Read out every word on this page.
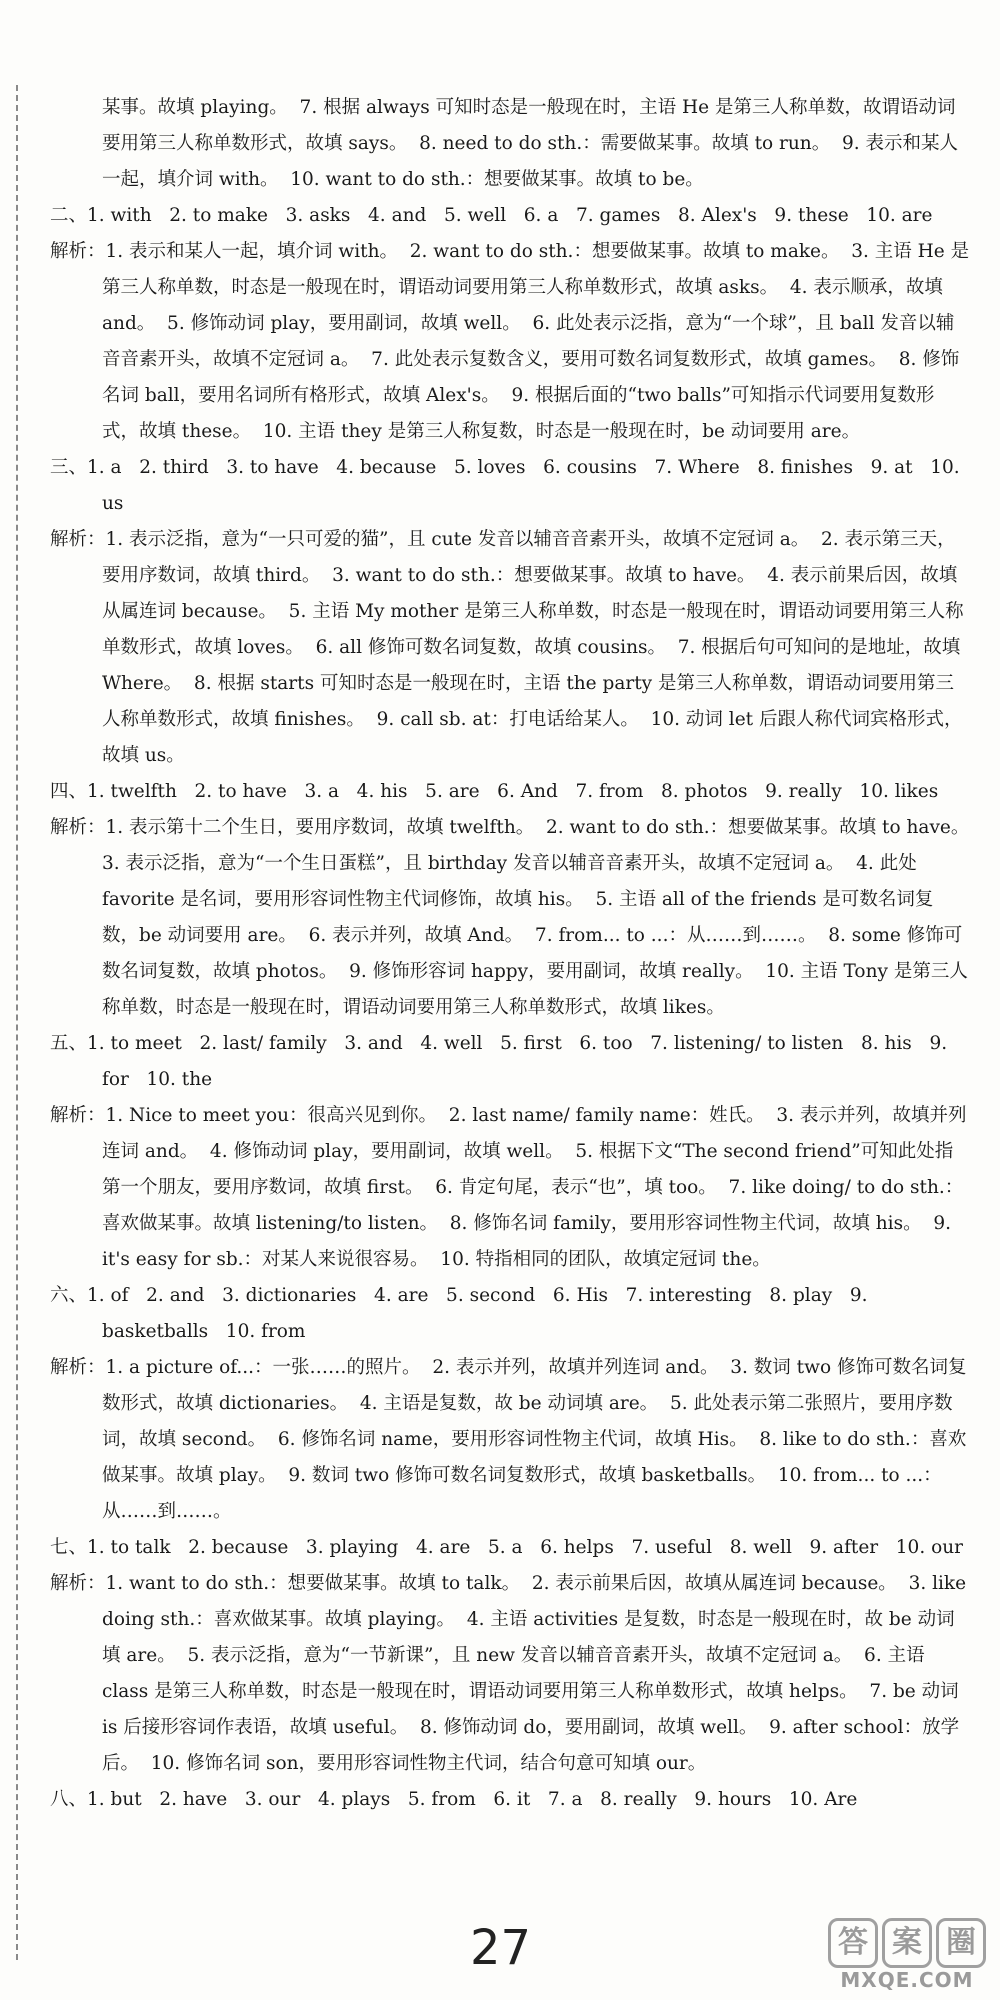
某事。故填 playing。  7. 根据 always 可知时态是一般现在时，主语 He 是第三人称单数，故谓语动词要用第三人称单数形式，故填 says。  8. need to do sth.：需要做某事。故填 to run。  9. 表示和某人一起，填介词 with。  10. want to do sth.：想要做某事。故填 to be。

二、1. with   2. to make   3. asks   4. and   5. well   6. a   7. games   8. Alex's   9. these   10. are

解析：1. 表示和某人一起，填介词 with。  2. want to do sth.：想要做某事。故填 to make。  3. 主语 He 是第三人称单数，时态是一般现在时，谓语动词要用第三人称单数形式，故填 asks。  4. 表示顺承，故填 and。  5. 修饰动词 play，要用副词，故填 well。  6. 此处表示泛指，意为“一个球”，且 ball 发音以辅音音素开头，故填不定冠词 a。  7. 此处表示复数含义，要用可数名词复数形式，故填 games。  8. 修饰名词 ball，要用名词所有格形式，故填 Alex's。  9. 根据后面的“two balls”可知指示代词要用复数形式，故填 these。  10. 主语 they 是第三人称复数，时态是一般现在时，be 动词要用 are。

三、1. a   2. third   3. to have   4. because   5. loves   6. cousins   7. Where   8. finishes   9. at   10. us

解析：1. 表示泛指，意为“一只可爱的猫”，且 cute 发音以辅音音素开头，故填不定冠词 a。  2. 表示第三天，要用序数词，故填 third。  3. want to do sth.：想要做某事。故填 to have。  4. 表示前果后因，故填从属连词 because。  5. 主语 My mother 是第三人称单数，时态是一般现在时，谓语动词要用第三人称单数形式，故填 loves。  6. all 修饰可数名词复数，故填 cousins。  7. 根据后句可知问的是地址，故填 Where。  8. 根据 starts 可知时态是一般现在时，主语 the party 是第三人称单数，谓语动词要用第三人称单数形式，故填 finishes。  9. call sb. at：打电话给某人。  10. 动词 let 后跟人称代词宾格形式，故填 us。

四、1. twelfth   2. to have   3. a   4. his   5. are   6. And   7. from   8. photos   9. really   10. likes

解析：1. 表示第十二个生日，要用序数词，故填 twelfth。  2. want to do sth.：想要做某事。故填 to have。  3. 表示泛指，意为“一个生日蛋糕”，且 birthday 发音以辅音音素开头，故填不定冠词 a。  4. 此处 favorite 是名词，要用形容词性物主代词修饰，故填 his。  5. 主语 all of the friends 是可数名词复数，be 动词要用 are。  6. 表示并列，故填 And。  7. from... to ...：从……到……。  8. some 修饰可数名词复数，故填 photos。  9. 修饰形容词 happy，要用副词，故填 really。  10. 主语 Tony 是第三人称单数，时态是一般现在时，谓语动词要用第三人称单数形式，故填 likes。

五、1. to meet   2. last/ family   3. and   4. well   5. first   6. too   7. listening/ to listen   8. his   9. for   10. the

解析：1. Nice to meet you：很高兴见到你。  2. last name/ family name：姓氏。  3. 表示并列，故填并列连词 and。  4. 修饰动词 play，要用副词，故填 well。  5. 根据下文“The second friend”可知此处指第一个朋友，要用序数词，故填 first。  6. 肯定句尾，表示“也”，填 too。  7. like doing/ to do sth.：喜欢做某事。故填 listening/to listen。  8. 修饰名词 family，要用形容词性物主代词，故填 his。  9. it's easy for sb.：对某人来说很容易。  10. 特指相同的团队，故填定冠词 the。

六、1. of   2. and   3. dictionaries   4. are   5. second   6. His   7. interesting   8. play   9. basketballs   10. from

解析：1. a picture of...：一张……的照片。  2. 表示并列，故填并列连词 and。  3. 数词 two 修饰可数名词复数形式，故填 dictionaries。  4. 主语是复数，故 be 动词填 are。  5. 此处表示第二张照片，要用序数词，故填 second。  6. 修饰名词 name，要用形容词性物主代词，故填 His。  8. like to do sth.：喜欢做某事。故填 play。  9. 数词 two 修饰可数名词复数形式，故填 basketballs。  10. from... to ...：从……到……。

七、1. to talk   2. because   3. playing   4. are   5. a   6. helps   7. useful   8. well   9. after   10. our

解析：1. want to do sth.：想要做某事。故填 to talk。  2. 表示前果后因，故填从属连词 because。  3. like doing sth.：喜欢做某事。故填 playing。  4. 主语 activities 是复数，时态是一般现在时，故 be 动词填 are。  5. 表示泛指，意为“一节新课”，且 new 发音以辅音音素开头，故填不定冠词 a。  6. 主语 class 是第三人称单数，时态是一般现在时，谓语动词要用第三人称单数形式，故填 helps。  7. be 动词 is 后接形容词作表语，故填 useful。  8. 修饰动词 do，要用副词，故填 well。  9. after school：放学后。  10. 修饰名词 son，要用形容词性物主代词，结合句意可知填 our。

八、1. but   2. have   3. our   4. plays   5. from   6. it   7. a   8. really   9. hours   10. Are

27	答 案 圈
MXQE.COM
